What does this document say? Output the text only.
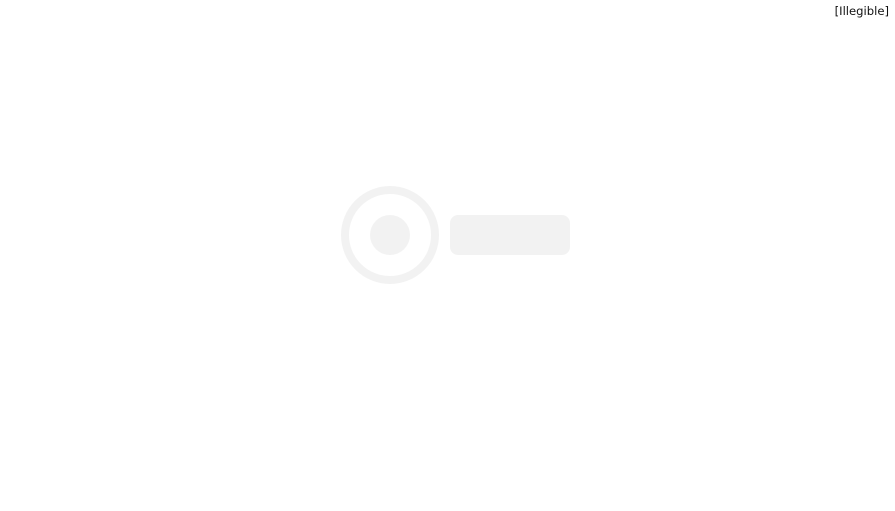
[Illegible]
